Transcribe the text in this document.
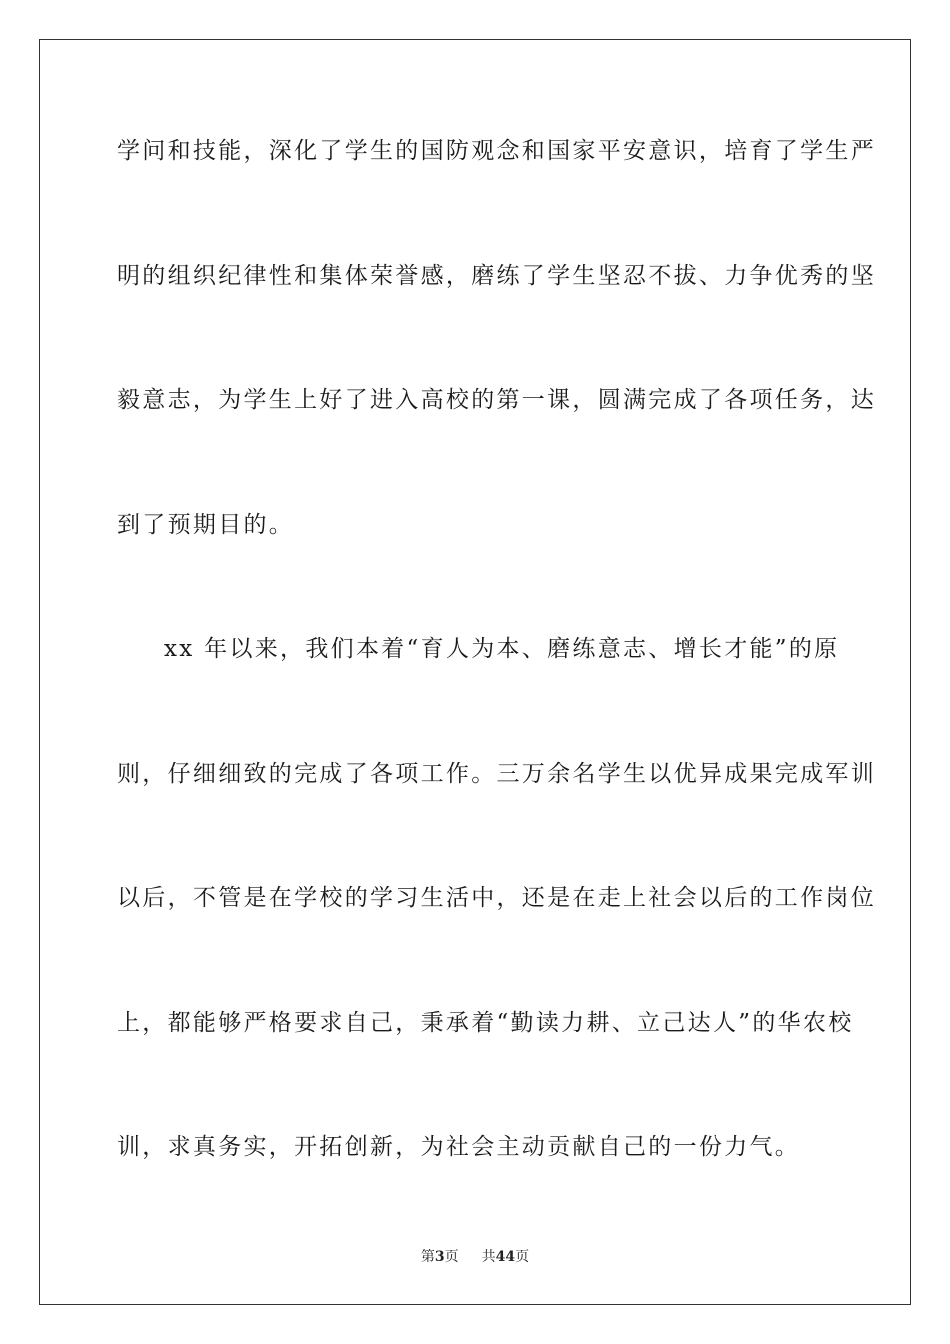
学问和技能，深化了学生的国防观念和国家平安意识，培育了学生严
明的组织纪律性和集体荣誉感，磨练了学生坚忍不拔、力争优秀的坚
毅意志，为学生上好了进入高校的第一课，圆满完成了各项任务，达
到了预期目的。
xx 年以来，我们本着“育人为本、磨练意志、增长才能”的原
则，仔细细致的完成了各项工作。三万余名学生以优异成果完成军训
以后，不管是在学校的学习生活中，还是在走上社会以后的工作岗位
上，都能够严格要求自己，秉承着“勤读力耕、立己达人”的华农校
训，求真务实，开拓创新，为社会主动贡献自己的一份力气。
第3页 共44页
